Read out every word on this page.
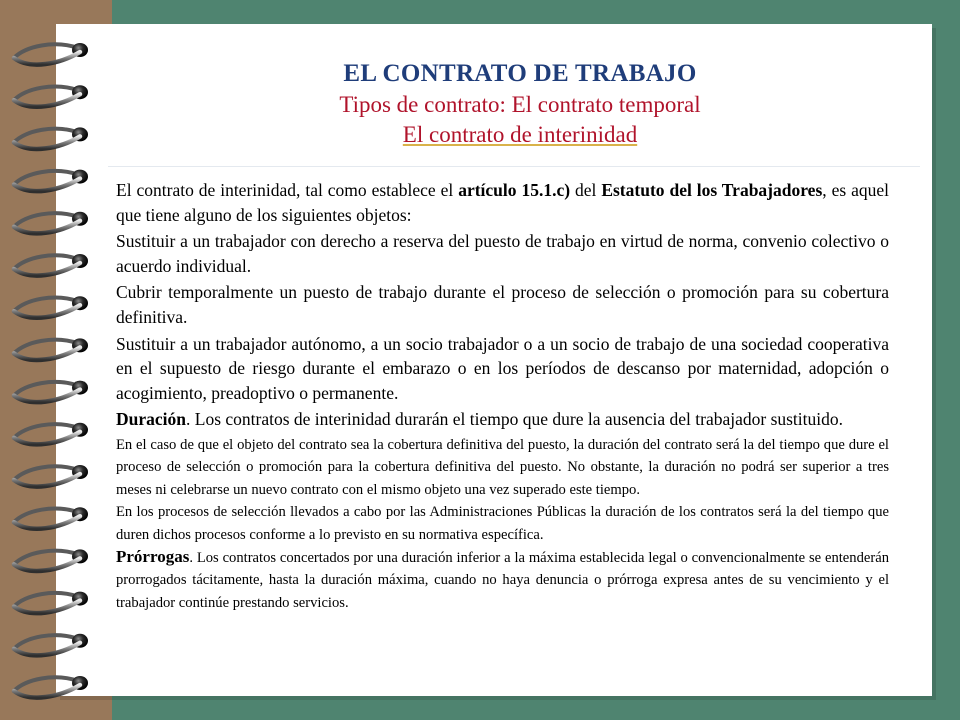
EL CONTRATO DE TRABAJO
Tipos de contrato: El contrato temporal
El contrato de interinidad

El contrato de interinidad, tal como establece el artículo 15.1.c) del Estatuto del los Trabajadores, es aquel que tiene alguno de los siguientes objetos:

Sustituir a un trabajador con derecho a reserva del puesto de trabajo en virtud de norma, convenio colectivo o acuerdo individual.

Cubrir temporalmente un puesto de trabajo durante el proceso de selección o promoción para su cobertura definitiva.

Sustituir a un trabajador autónomo, a un socio trabajador o a un socio de trabajo de una sociedad cooperativa en el supuesto de riesgo durante el embarazo o en los períodos de descanso por maternidad, adopción o acogimiento, preadoptivo o permanente.

Duración. Los contratos de interinidad durarán el tiempo que dure la ausencia del trabajador sustituido.

En el caso de que el objeto del contrato sea la cobertura definitiva del puesto, la duración del contrato será la del tiempo que dure el proceso de selección o promoción para la cobertura definitiva del puesto. No obstante, la duración no podrá ser superior a tres meses ni celebrarse un nuevo contrato con el mismo objeto una vez superado este tiempo.

En los procesos de selección llevados a cabo por las Administraciones Públicas la duración de los contratos será la del tiempo que duren dichos procesos conforme a lo previsto en su normativa específica.

Prórrogas. Los contratos concertados por una duración inferior a la máxima establecida legal o convencionalmente se entenderán prorrogados tácitamente, hasta la duración máxima, cuando no haya denuncia o prórroga expresa antes de su vencimiento y el trabajador continúe prestando servicios.
